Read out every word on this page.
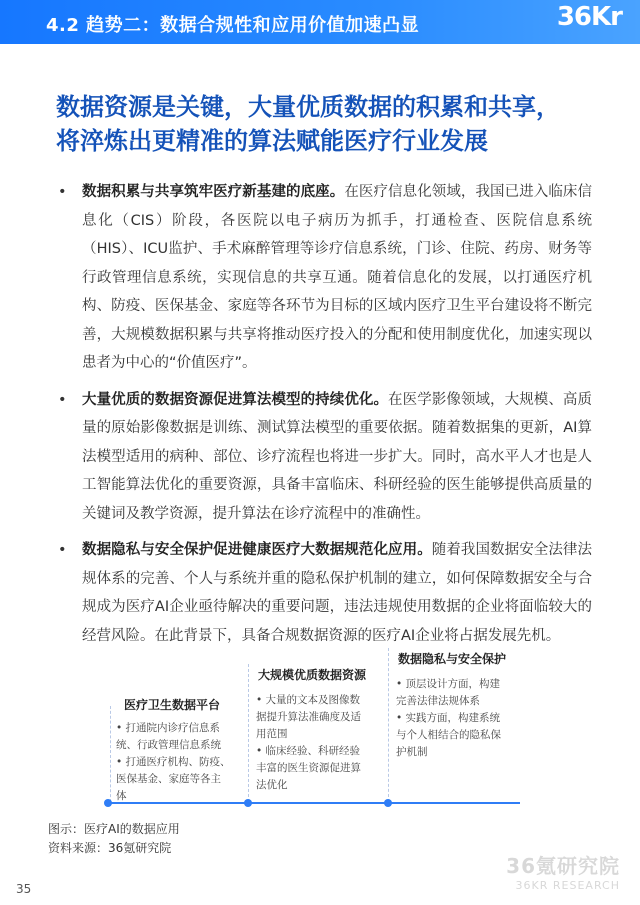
4.2 趋势二：数据合规性和应用价值加速凸显	36Kr
数据资源是关键，大量优质数据的积累和共享，
将淬炼出更精准的算法赋能医疗行业发展
• 数据积累与共享筑牢医疗新基建的底座。在医疗信息化领域，我国已进入临床信息化（CIS）阶段，各医院以电子病历为抓手，打通检查、医院信息系统（HIS）、ICU监护、手术麻醉管理等诊疗信息系统，门诊、住院、药房、财务等行政管理信息系统，实现信息的共享互通。随着信息化的发展，以打通医疗机构、防疫、医保基金、家庭等各环节为目标的区域内医疗卫生平台建设将不断完善，大规模数据积累与共享将推动医疗投入的分配和使用制度优化，加速实现以患者为中心的“价值医疗”。
• 大量优质的数据资源促进算法模型的持续优化。在医学影像领域，大规模、高质量的原始影像数据是训练、测试算法模型的重要依据。随着数据集的更新，AI算法模型适用的病种、部位、诊疗流程也将进一步扩大。同时，高水平人才也是人工智能算法优化的重要资源，具备丰富临床、科研经验的医生能够提供高质量的关键词及教学资源，提升算法在诊疗流程中的准确性。
• 数据隐私与安全保护促进健康医疗大数据规范化应用。随着我国数据安全法律法规体系的完善、个人与系统并重的隐私保护机制的建立，如何保障数据安全与合规成为医疗AI企业亟待解决的重要问题，违法违规使用数据的企业将面临较大的经营风险。在此背景下，具备合规数据资源的医疗AI企业将占据发展先机。
医疗卫生数据平台
• 打通院内诊疗信息系
统、行政管理信息系统
• 打通医疗机构、防疫、
医保基金、家庭等各主
体
大规模优质数据资源
• 大量的文本及图像数
据提升算法准确度及适
用范围
• 临床经验、科研经验
丰富的医生资源促进算
法优化
数据隐私与安全保护
• 顶层设计方面，构建
完善法律法规体系
• 实践方面，构建系统
与个人相结合的隐私保
护机制
图示：医疗AI的数据应用
资料来源：36氪研究院
36氪研究院
36KR RESEARCH
35
